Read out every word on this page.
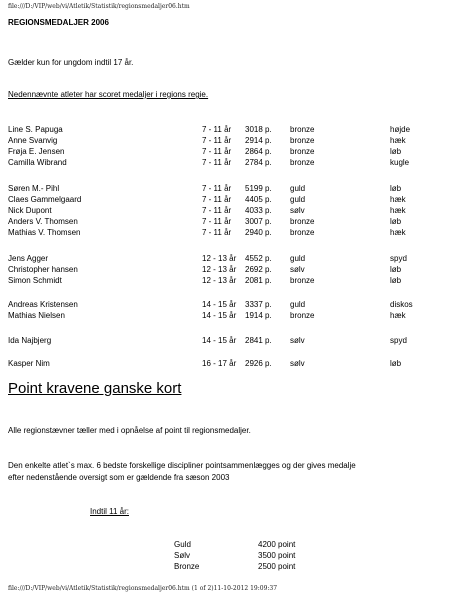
file:///D:/VIP/web/vi/Atletik/Statistik/regionsmedaljer06.htm
REGIONSMEDALJER 2006
Gælder kun for ungdom indtil 17 år.
Nedennævnte atleter har scoret medaljer i regions regie.
Line S. Papuga	7 - 11 år 3018 p. bronze	højde
Anne Svanvig	7 - 11 år 2914 p. bronze	hæk
Frøja E. Jensen	7 - 11 år 2864 p. bronze	løb
Camilla Wibrand	7 - 11 år 2784 p. bronze	kugle
Søren M.- Pihl	7 - 11 år 5199 p. guld	løb
Claes Gammelgaard	7 - 11 år 4405 p. guld	hæk
Nick Dupont	7 - 11 år 4033 p. sølv	hæk
Anders V. Thomsen	7 - 11 år 3007 p. bronze	løb
Mathias V. Thomsen	7 - 11 år 2940 p. bronze	hæk
Jens Agger	12 - 13 år 4552 p. guld	spyd
Christopher hansen	12 - 13 år 2692 p. sølv	løb
Simon Schmidt	12 - 13 år 2081 p. bronze	løb
Andreas Kristensen	14 - 15 år 3337 p. guld	diskos
Mathias Nielsen	14 - 15 år 1914 p. bronze	hæk
Ida Najbjerg	14 - 15 år 2841 p. sølv	spyd
Kasper Nim	16 - 17 år 2926 p. sølv	løb
Point kravene ganske kort
Alle regionstævner tæller med i opnåelse af point til regionsmedaljer.
Den enkelte atlet`s max. 6 bedste forskellige discipliner pointsammenlægges og der gives medalje
efter nedenstående oversigt som er gældende fra sæson 2003
Indtil 11 år:
Guld	4200 point
Sølv	3500 point
Bronze	2500 point
file:///D:/VIP/web/vi/Atletik/Statistik/regionsmedaljer06.htm (1 of 2)11-10-2012 19:09:37
